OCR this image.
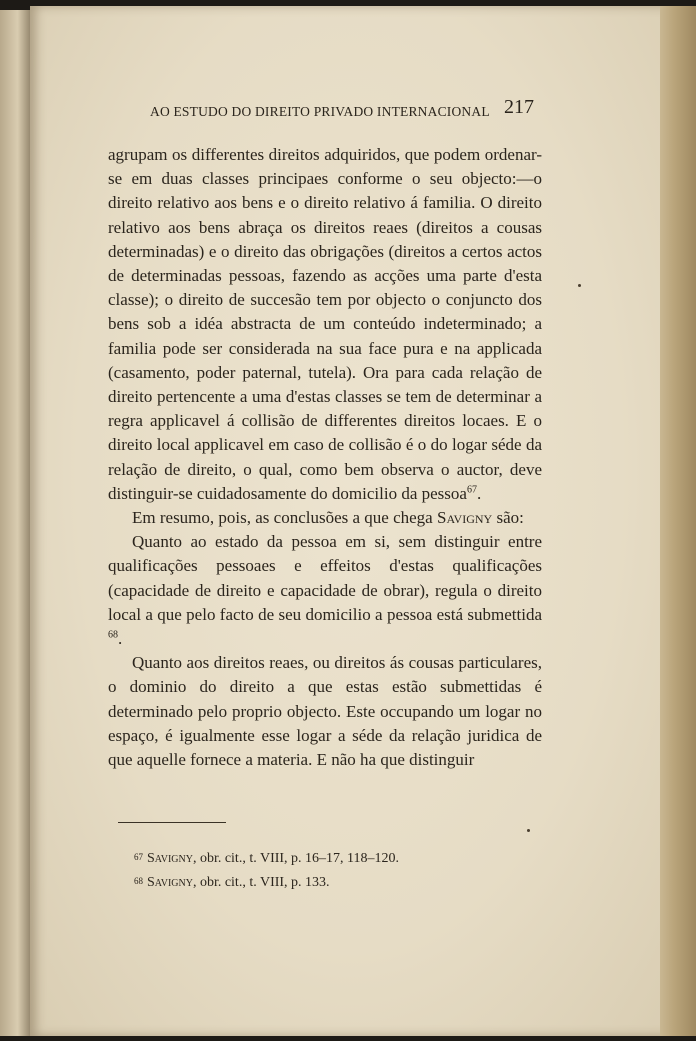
AO ESTUDO DO DIREITO PRIVADO INTERNACIONAL 217

agrupam os differentes direitos adquiridos, que podem ordenar-se em duas classes principaes conforme o seu objecto:—o direito relativo aos bens e o direito relativo á familia. O direito relativo aos bens abraça os direitos reaes (direitos a cousas determinadas) e o direito das obrigações (direitos a certos actos de determinadas pessoas, fazendo as acções uma parte d'esta classe); o direito de succesão tem por objecto o conjuncto dos bens sob a idéa abstracta de um conteúdo indeterminado; a familia pode ser considerada na sua face pura e na applicada (casamento, poder paternal, tutela). Ora para cada relação de direito pertencente a uma d'estas classes se tem de determinar a regra applicavel á collisão de differentes direitos locaes. E o direito local applicavel em caso de collisão é o do logar séde da relação de direito, o qual, como bem observa o auctor, deve distinguir-se cuidadosamente do domicilio da pessoa$^{67}$.

Em resumo, pois, as conclusões a que chega Savigny são:

Quanto ao estado da pessoa em si, sem distinguir entre qualificações pessoaes e effeitos d'estas qualificações (capacidade de direito e capacidade de obrar), regula o direito local a que pelo facto de seu domicilio a pessoa está submettida $^{68}$.

Quanto aos direitos reaes, ou direitos ás cousas particulares, o dominio do direito a que estas estão submettidas é determinado pelo proprio objecto. Este occupando um logar no espaço, é igualmente esse logar a séde da relação juridica de que aquelle fornece a materia. E não ha que distinguir

67 Savigny, obr. cit., t. VIII, p. 16–17, 118–120.
68 Savigny, obr. cit., t. VIII, p. 133.
